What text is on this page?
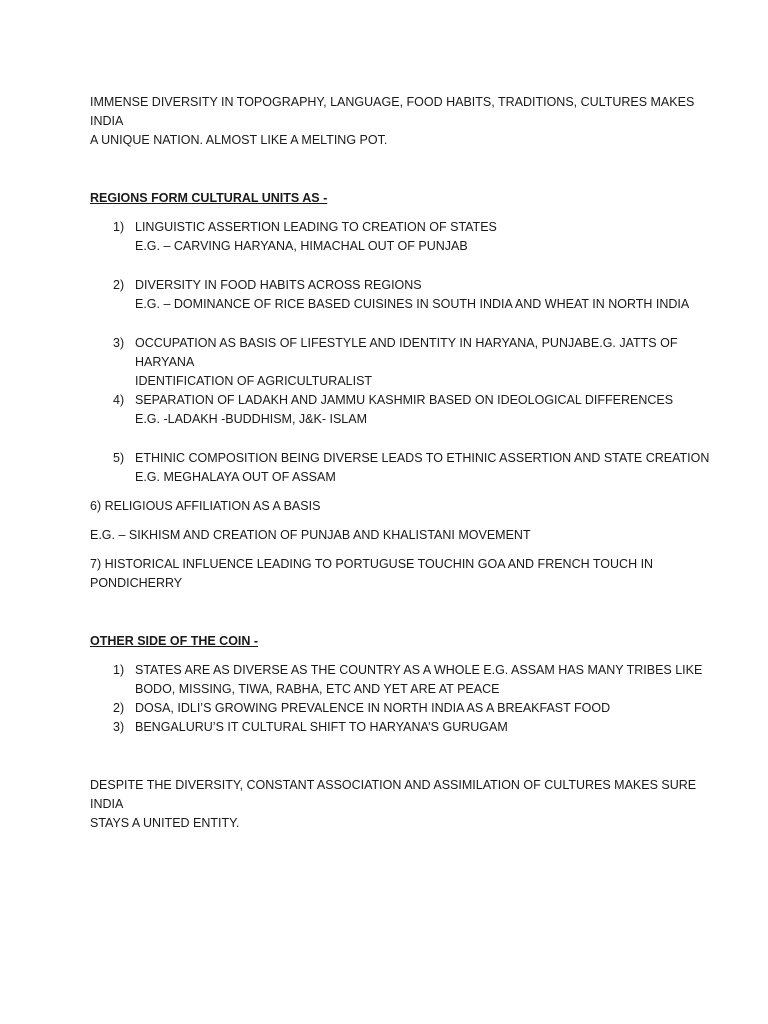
IMMENSE DIVERSITY IN TOPOGRAPHY, LANGUAGE, FOOD HABITS, TRADITIONS, CULTURES MAKES INDIA
A UNIQUE NATION. ALMOST LIKE A MELTING POT.

REGIONS FORM CULTURAL UNITS AS -

1) LINGUISTIC ASSERTION LEADING TO CREATION OF STATES
E.G. – CARVING HARYANA, HIMACHAL OUT OF PUNJAB
2) DIVERSITY IN FOOD HABITS ACROSS REGIONS
E.G. – DOMINANCE OF RICE BASED CUISINES IN SOUTH INDIA AND WHEAT IN NORTH INDIA
3) OCCUPATION AS BASIS OF LIFESTYLE AND IDENTITY IN HARYANA, PUNJABE.G. JATTS OF HARYANA
IDENTIFICATION OF AGRICULTURALIST
4) SEPARATION OF LADAKH AND JAMMU KASHMIR BASED ON IDEOLOGICAL DIFFERENCES
E.G. -LADAKH -BUDDHISM, J&K- ISLAM
5) ETHINIC COMPOSITION BEING DIVERSE LEADS TO ETHINIC ASSERTION AND STATE CREATION
E.G. MEGHALAYA OUT OF ASSAM

6) RELIGIOUS AFFILIATION AS A BASIS

E.G. – SIKHISM AND CREATION OF PUNJAB AND KHALISTANI MOVEMENT

7) HISTORICAL INFLUENCE LEADING TO PORTUGUSE TOUCHIN GOA AND FRENCH TOUCH IN
PONDICHERRY

OTHER SIDE OF THE COIN -

1) STATES ARE AS DIVERSE AS THE COUNTRY AS A WHOLE E.G. ASSAM HAS MANY TRIBES LIKE
BODO, MISSING, TIWA, RABHA, ETC AND YET ARE AT PEACE
2) DOSA, IDLI’S GROWING PREVALENCE IN NORTH INDIA AS A BREAKFAST FOOD
3) BENGALURU’S IT CULTURAL SHIFT TO HARYANA’S GURUGAM

DESPITE THE DIVERSITY, CONSTANT ASSOCIATION AND ASSIMILATION OF CULTURES MAKES SURE INDIA
STAYS A UNITED ENTITY.
